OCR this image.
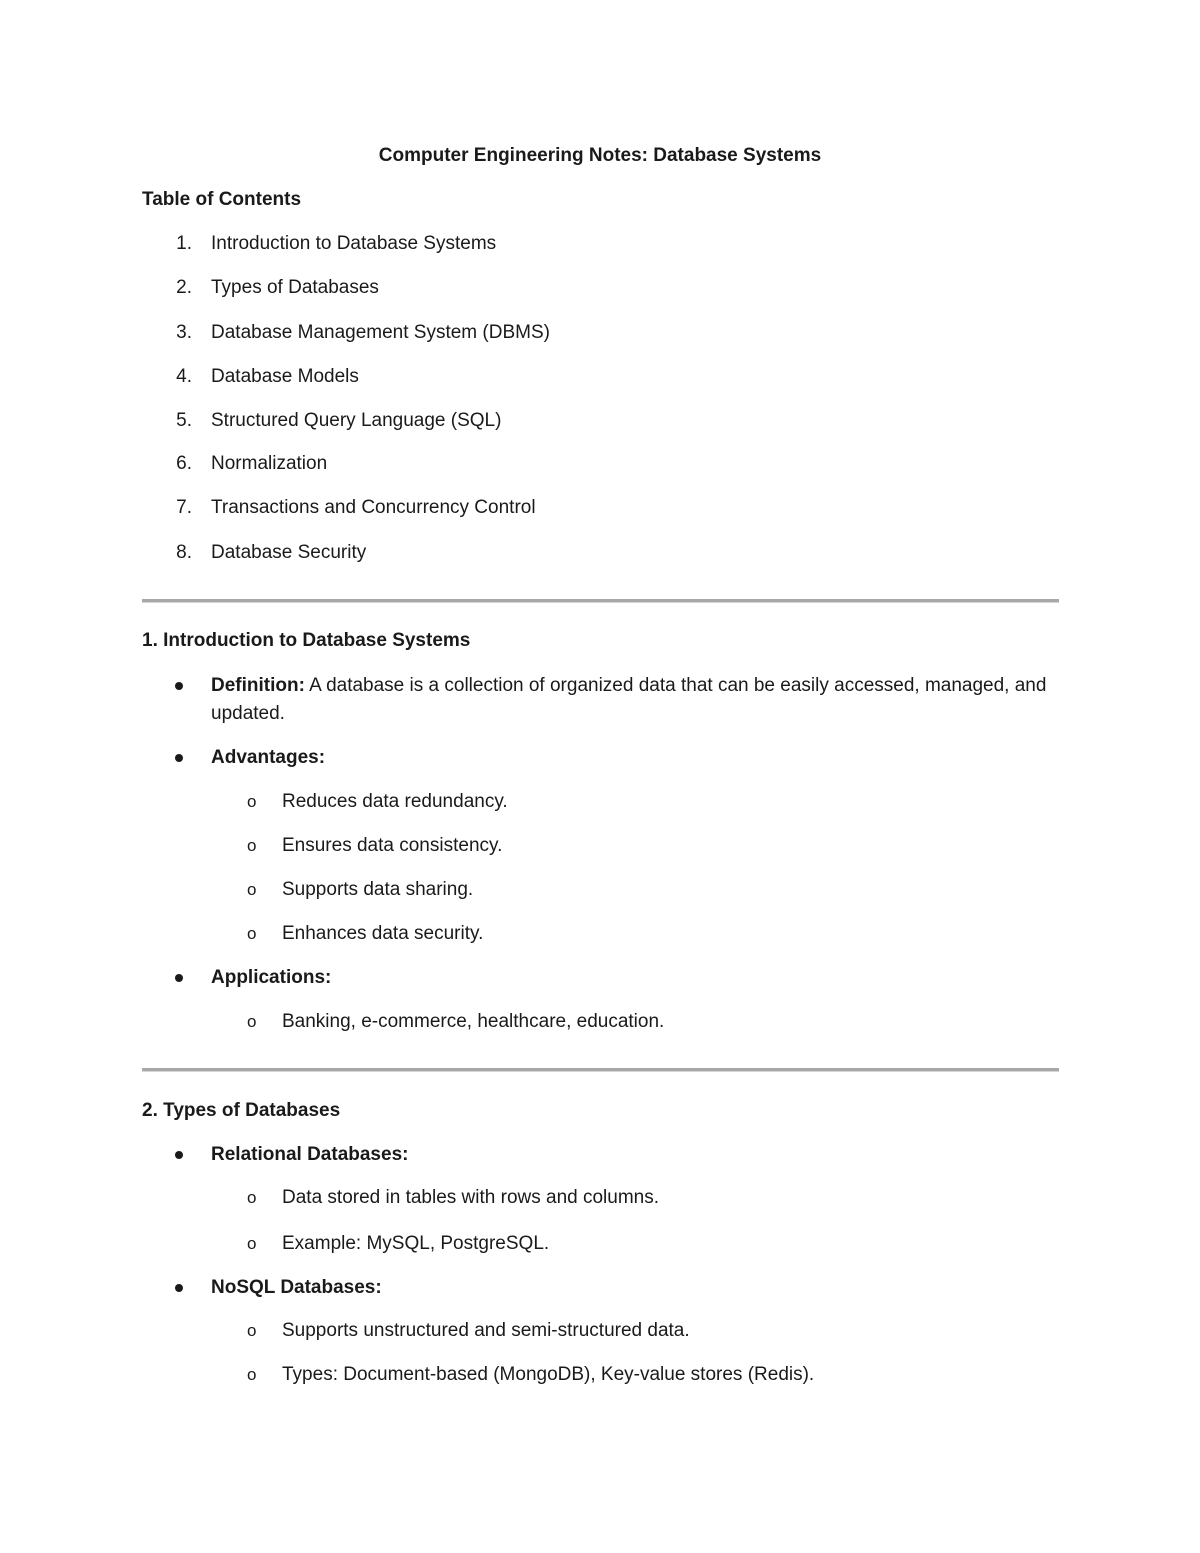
Computer Engineering Notes: Database Systems
Table of Contents
1. Introduction to Database Systems
2. Types of Databases
3. Database Management System (DBMS)
4. Database Models
5. Structured Query Language (SQL)
6. Normalization
7. Transactions and Concurrency Control
8. Database Security
1. Introduction to Database Systems
Definition: A database is a collection of organized data that can be easily accessed, managed, and
updated.
Advantages:
o Reduces data redundancy.
o Ensures data consistency.
o Supports data sharing.
o Enhances data security.
Applications:
o Banking, e-commerce, healthcare, education.
2. Types of Databases
Relational Databases:
o Data stored in tables with rows and columns.
o Example: MySQL, PostgreSQL.
NoSQL Databases:
o Supports unstructured and semi-structured data.
o Types: Document-based (MongoDB), Key-value stores (Redis).
